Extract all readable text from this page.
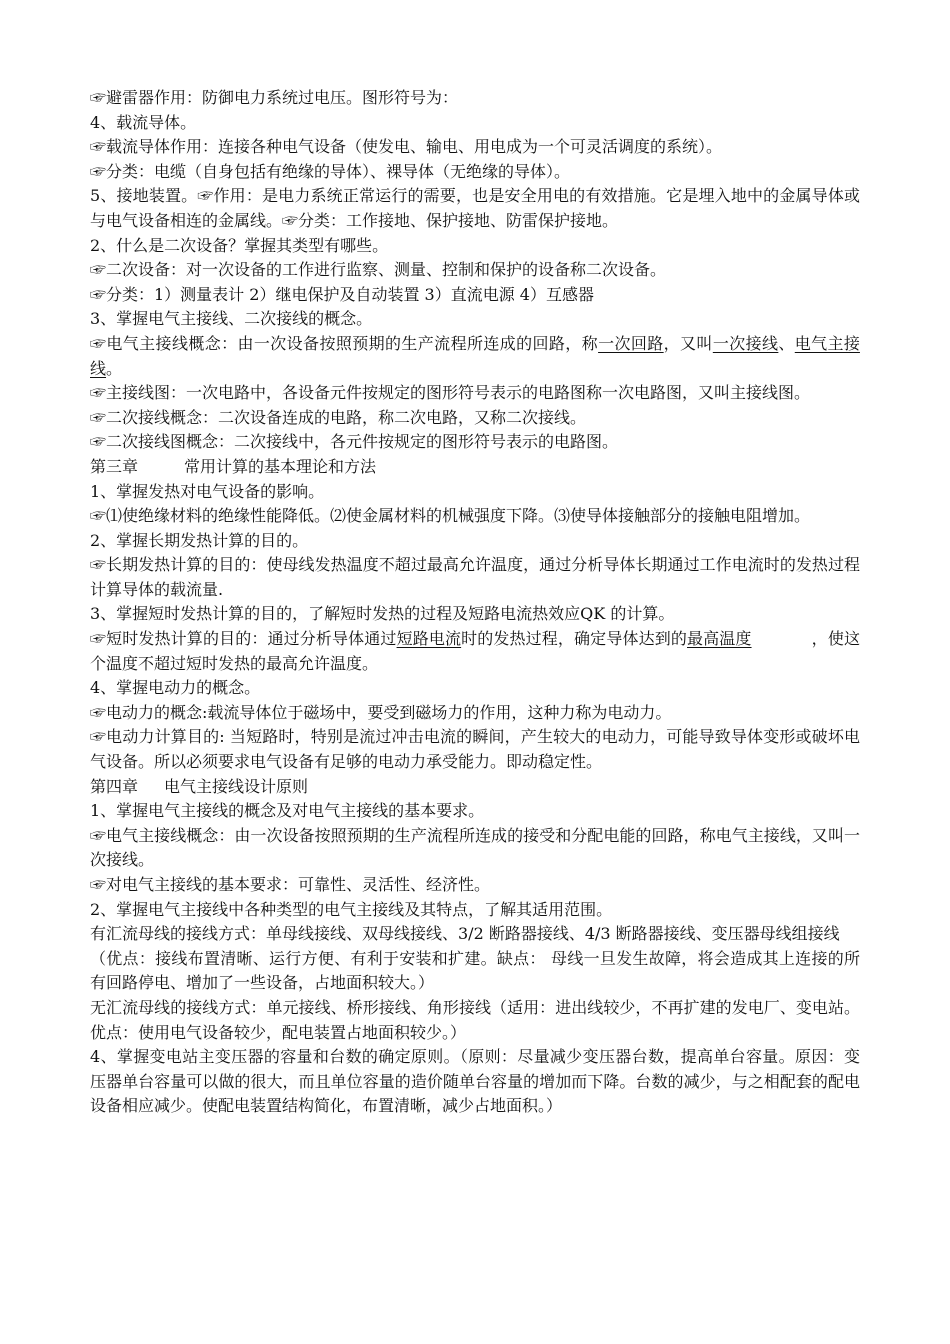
☞避雷器作用：防御电力系统过电压。图形符号为：

4、载流导体。

☞载流导体作用：连接各种电气设备（使发电、输电、用电成为一个可灵活调度的系统）。

☞分类：电缆（自身包括有绝缘的导体）、裸导体（无绝缘的导体）。

5、接地装置。☞作用：是电力系统正常运行的需要，也是安全用电的有效措施。它是埋入地中的金属导体或与电气设备相连的金属线。☞分类：工作接地、保护接地、防雷保护接地。

2、什么是二次设备？掌握其类型有哪些。

☞二次设备：对一次设备的工作进行监察、测量、控制和保护的设备称二次设备。

☞分类：1）测量表计 2）继电保护及自动装置 3）直流电源 4）互感器

3、掌握电气主接线、二次接线的概念。

☞电气主接线概念：由一次设备按照预期的生产流程所连成的回路，称一次回路，又叫一次接线、电气主接线。

☞主接线图：一次电路中，各设备元件按规定的图形符号表示的电路图称一次电路图，又叫主接线图。

☞二次接线概念：二次设备连成的电路，称二次电路，又称二次接线。

☞二次接线图概念：二次接线中，各元件按规定的图形符号表示的电路图。

第三章	常用计算的基本理论和方法

1、掌握发热对电气设备的影响。

☞⑴使绝缘材料的绝缘性能降低。⑵使金属材料的机械强度下降。⑶使导体接触部分的接触电阻增加。

2、掌握长期发热计算的目的。

☞长期发热计算的目的：使母线发热温度不超过最高允许温度，通过分析导体长期通过工作电流时的发热过程计算导体的载流量.

3、掌握短时发热计算的目的，了解短时发热的过程及短路电流热效应QK 的计算。

☞短时发热计算的目的：通过分析导体通过短路电流时的发热过程，确定导体达到的最高温度	，使这个温度不超过短时发热的最高允许温度。

4、掌握电动力的概念。

☞电动力的概念:载流导体位于磁场中，要受到磁场力的作用，这种力称为电动力。

☞电动力计算目的: 当短路时，特别是流过冲击电流的瞬间，产生较大的电动力，可能导致导体变形或破坏电气设备。所以必须要求电气设备有足够的电动力承受能力。即动稳定性。

第四章 电气主接线设计原则

1、掌握电气主接线的概念及对电气主接线的基本要求。

☞电气主接线概念：由一次设备按照预期的生产流程所连成的接受和分配电能的回路，称电气主接线，又叫一次接线。

☞对电气主接线的基本要求：可靠性、灵活性、经济性。

2、掌握电气主接线中各种类型的电气主接线及其特点，了解其适用范围。

有汇流母线的接线方式：单母线接线、双母线接线、3/2 断路器接线、4/3 断路器接线、变压器母线组接线

（优点：接线布置清晰、运行方便、有利于安装和扩建。缺点： 母线一旦发生故障，将会造成其上连接的所有回路停电、增加了一些设备，占地面积较大。）

无汇流母线的接线方式：单元接线、桥形接线、角形接线（适用：进出线较少，不再扩建的发电厂、变电站。优点：使用电气设备较少，配电装置占地面积较少。）

4、掌握变电站主变压器的容量和台数的确定原则。（原则：尽量减少变压器台数，提高单台容量。原因：变压器单台容量可以做的很大，而且单位容量的造价随单台容量的增加而下降。台数的减少，与之相配套的配电设备相应减少。使配电装置结构简化，布置清晰，减少占地面积。）
